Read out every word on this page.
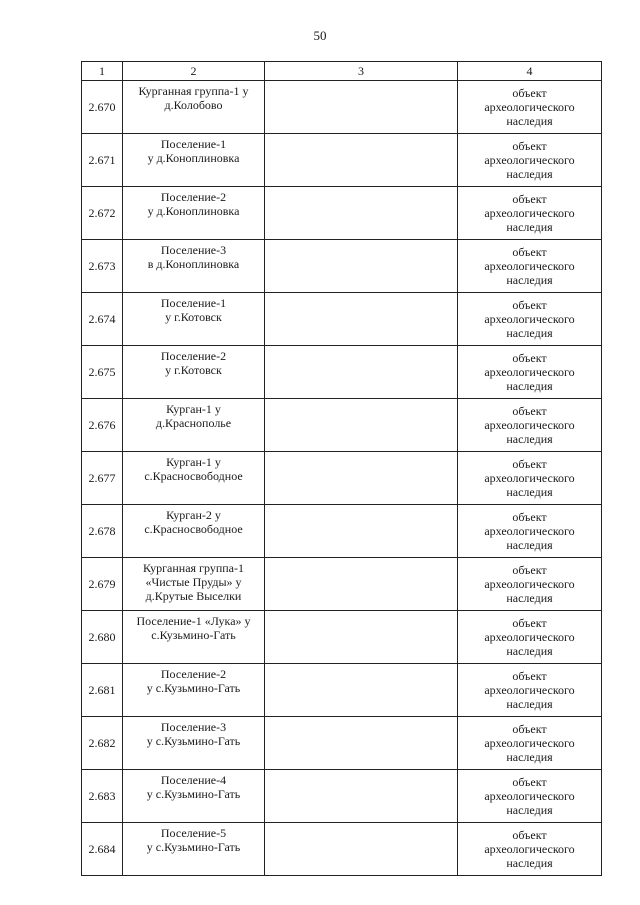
50
1	2	3	4
2.670	Курганная группа-1 у
д.Колобово		объект
археологического
наследия

2.671	Поселение-1
у д.Коноплиновка		объект
археологического
наследия

2.672	Поселение-2
у д.Коноплиновка		объект
археологического
наследия

2.673	Поселение-3
в д.Коноплиновка		объект
археологического
наследия

2.674	Поселение-1
у г.Котовск		объект
археологического
наследия

2.675	Поселение-2
у г.Котовск		объект
археологического
наследия

2.676	Курган-1 у
д.Краснополье		объект
археологического
наследия

2.677	Курган-1 у
с.Красносвободное		объект
археологического
наследия

2.678	Курган-2 у
с.Красносвободное		объект
археологического
наследия

2.679	Курганная группа-1
«Чистые Пруды» у
д.Крутые Выселки		объект
археологического
наследия

2.680	Поселение-1 «Лука» у
с.Кузьмино-Гать		объект
археологического
наследия

2.681	Поселение-2
у с.Кузьмино-Гать		объект
археологического
наследия

2.682	Поселение-3
у с.Кузьмино-Гать		объект
археологического
наследия

2.683	Поселение-4
у с.Кузьмино-Гать		объект
археологического
наследия

2.684	Поселение-5
у с.Кузьмино-Гать		объект
археологического
наследия
